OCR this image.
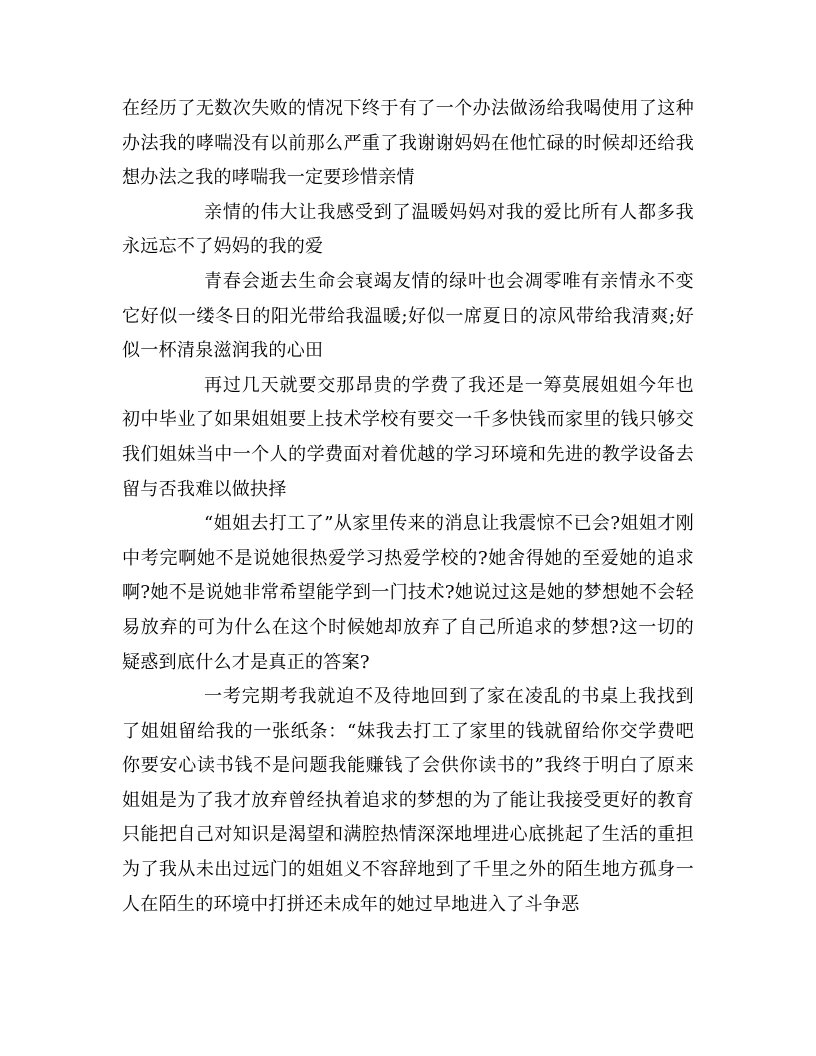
在经历了无数次失败的情况下终于有了一个办法做汤给我喝使用了这种办法我的哮喘没有以前那么严重了我谢谢妈妈在他忙碌的时候却还给我想办法之我的哮喘我一定要珍惜亲情

亲情的伟大让我感受到了温暖妈妈对我的爱比所有人都多我永远忘不了妈妈的我的爱

青春会逝去生命会衰竭友情的绿叶也会凋零唯有亲情永不变它好似一缕冬日的阳光带给我温暖;好似一席夏日的凉风带给我清爽;好似一杯清泉滋润我的心田

再过几天就要交那昂贵的学费了我还是一筹莫展姐姐今年也初中毕业了如果姐姐要上技术学校有要交一千多快钱而家里的钱只够交我们姐妹当中一个人的学费面对着优越的学习环境和先进的教学设备去留与否我难以做抉择

“姐姐去打工了”从家里传来的消息让我震惊不已会?姐姐才刚中考完啊她不是说她很热爱学习热爱学校的?她舍得她的至爱她的追求啊?她不是说她非常希望能学到一门技术?她说过这是她的梦想她不会轻易放弃的可为什么在这个时候她却放弃了自己所追求的梦想?这一切的疑惑到底什么才是真正的答案?

一考完期考我就迫不及待地回到了家在凌乱的书桌上我找到了姐姐留给我的一张纸条：“妹我去打工了家里的钱就留给你交学费吧你要安心读书钱不是问题我能赚钱了会供你读书的”我终于明白了原来姐姐是为了我才放弃曾经执着追求的梦想的为了能让我接受更好的教育只能把自己对知识是渴望和满腔热情深深地埋进心底挑起了生活的重担为了我从未出过远门的姐姐义不容辞地到了千里之外的陌生地方孤身一人在陌生的环境中打拼还未成年的她过早地进入了斗争恶
